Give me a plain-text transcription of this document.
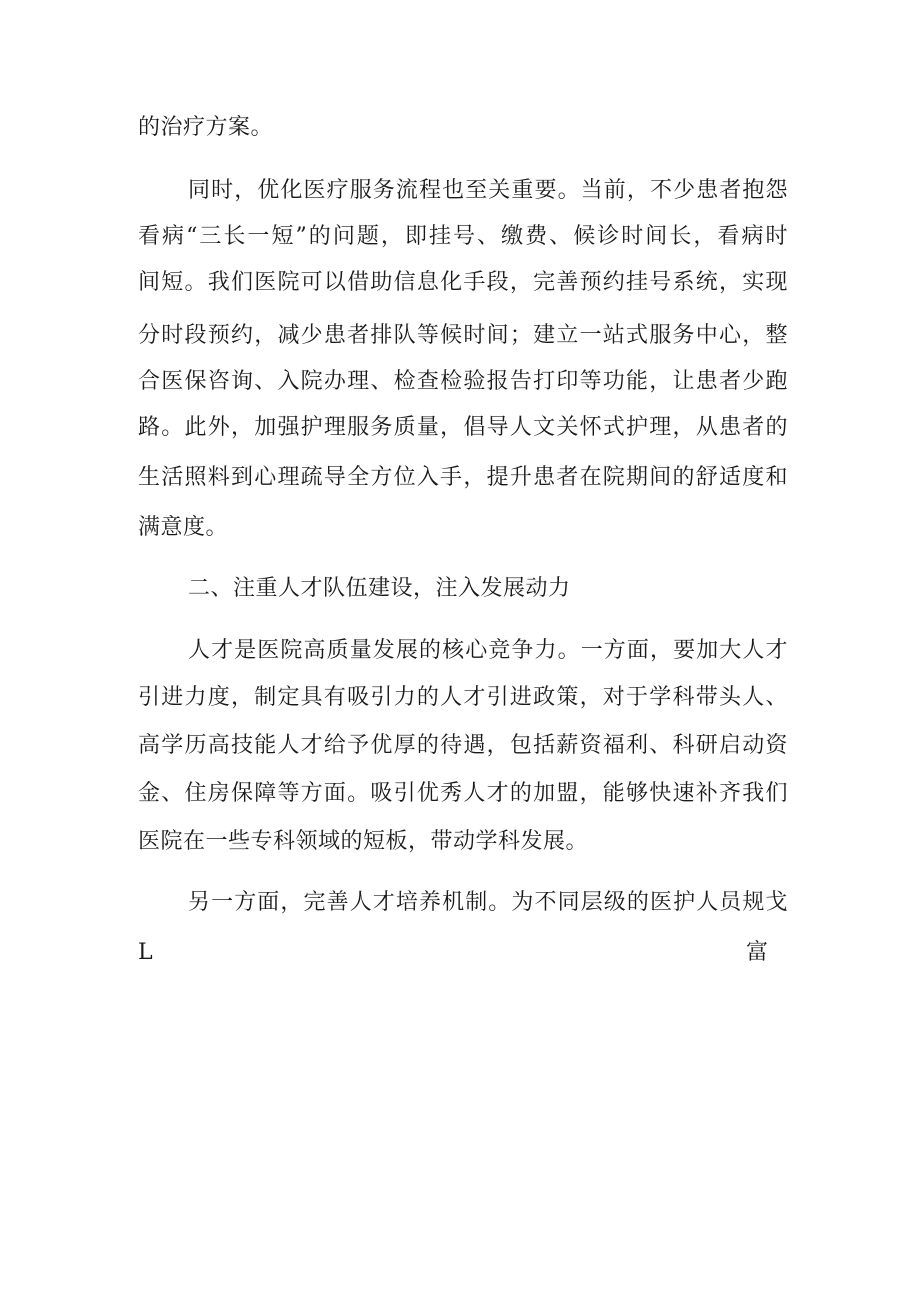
的治疗方案。
同时，优化医疗服务流程也至关重要。当前，不少患者抱怨
看病“三长一短”的问题，即挂号、缴费、候诊时间长，看病时
间短。我们医院可以借助信息化手段，完善预约挂号系统，实现
分时段预约，减少患者排队等候时间；建立一站式服务中心，整
合医保咨询、入院办理、检查检验报告打印等功能，让患者少跑
路。此外，加强护理服务质量，倡导人文关怀式护理，从患者的
生活照料到心理疏导全方位入手，提升患者在院期间的舒适度和
满意度。
二、注重人才队伍建设，注入发展动力
人才是医院高质量发展的核心竞争力。一方面，要加大人才
引进力度，制定具有吸引力的人才引进政策，对于学科带头人、
高学历高技能人才给予优厚的待遇，包括薪资福利、科研启动资
金、住房保障等方面。吸引优秀人才的加盟，能够快速补齐我们
医院在一些专科领域的短板，带动学科发展。
另一方面，完善人才培养机制。为不同层级的医护人员规戈
L	富
